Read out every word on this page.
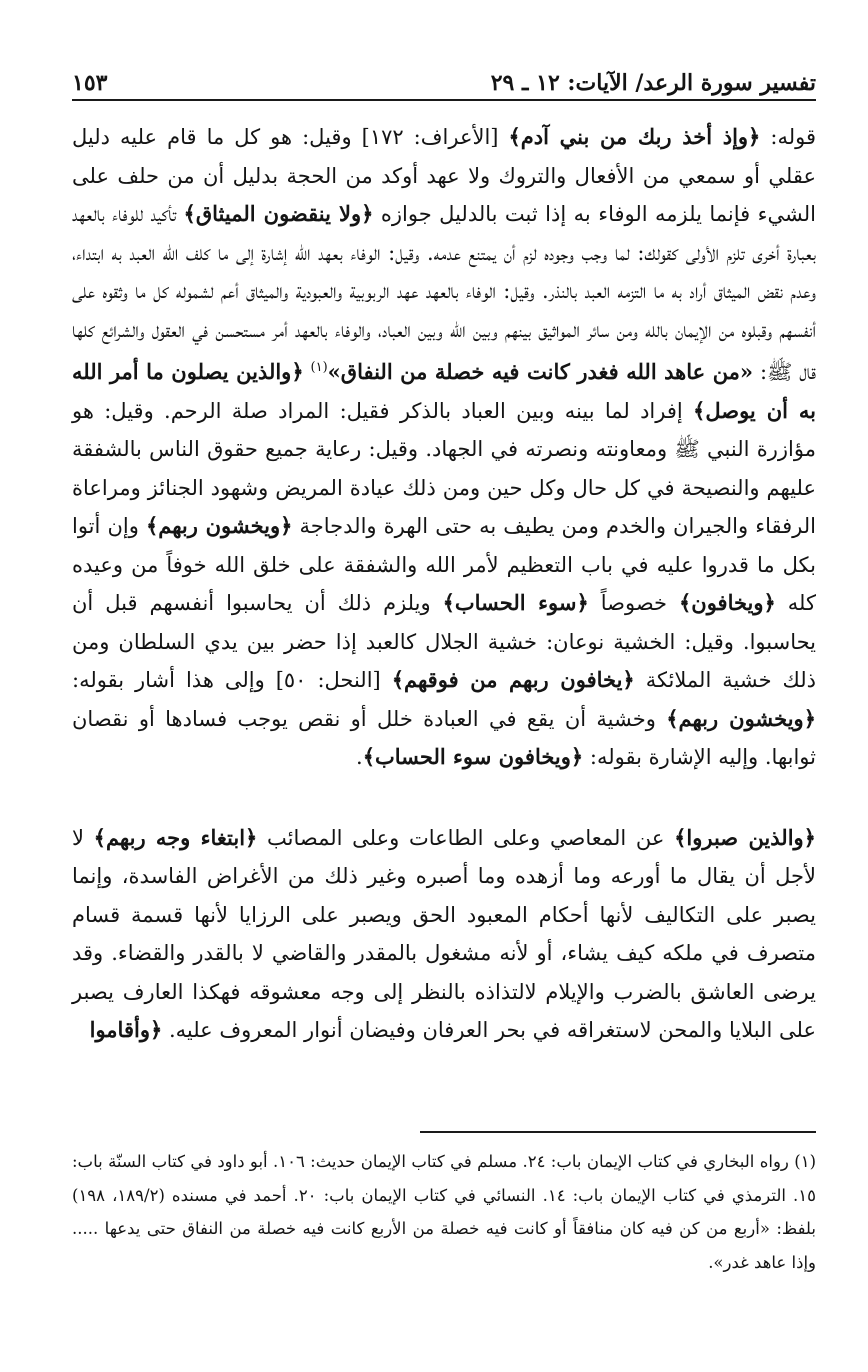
تفسير سورة الرعد/ الآيات: ١٢ ـ ٢٩
١٥٣

قوله: ﴿وإذ أخذ ربك من بني آدم﴾ [الأعراف: ١٧٢] وقيل: هو كل ما قام عليه دليل عقلي أو سمعي من الأفعال والتروك ولا عهد أوكد من الحجة بدليل أن من حلف على الشيء فإنما يلزمه الوفاء به إذا ثبت بالدليل جوازه ﴿ولا ينقضون الميثاق﴾ تأكيد للوفاء بالعهد بعبارة أخرى تلزم الأولى كقولك: لما وجب وجوده لزم أن يمتنع عدمه. وقيل: الوفاء بعهد الله إشارة إلى ما كلف الله العبد به ابتداء، وعدم نقض الميثاق أراد به ما التزمه العبد بالنذر. وقيل: الوفاء بالعهد عهد الربوبية والعبودية والميثاق أعم لشموله كل ما وثقوه على أنفسهم وقبلوه من الإيمان بالله ومن سائر المواثيق بينهم وبين الله وبين العباد، والوفاء بالعهد أمر مستحسن في العقول والشرائع كلها قال ﷺ: «من عاهد الله فغدر كانت فيه خصلة من النفاق»$^{(١)}$ ﴿والذين يصلون ما أمر الله به أن يوصل﴾ إفراد لما بينه وبين العباد بالذكر فقيل: المراد صلة الرحم. وقيل: هو مؤازرة النبي ﷺ ومعاونته ونصرته في الجهاد. وقيل: رعاية جميع حقوق الناس بالشفقة عليهم والنصيحة في كل حال وكل حين ومن ذلك عيادة المريض وشهود الجنائز ومراعاة الرفقاء والجيران والخدم ومن يطيف به حتى الهرة والدجاجة ﴿ويخشون ربهم﴾ وإن أتوا بكل ما قدروا عليه في باب التعظيم لأمر الله والشفقة على خلق الله خوفاً من وعيده كله ﴿ويخافون﴾ خصوصاً ﴿سوء الحساب﴾ ويلزم ذلك أن يحاسبوا أنفسهم قبل أن يحاسبوا. وقيل: الخشية نوعان: خشية الجلال كالعبد إذا حضر بين يدي السلطان ومن ذلك خشية الملائكة ﴿يخافون ربهم من فوقهم﴾ [النحل: ٥٠] وإلى هذا أشار بقوله: ﴿ويخشون ربهم﴾ وخشية أن يقع في العبادة خلل أو نقص يوجب فسادها أو نقصان ثوابها. وإليه الإشارة بقوله: ﴿ويخافون سوء الحساب﴾.

﴿والذين صبروا﴾ عن المعاصي وعلى الطاعات وعلى المصائب ﴿ابتغاء وجه ربهم﴾ لا لأجل أن يقال ما أورعه وما أزهده وما أصبره وغير ذلك من الأغراض الفاسدة، وإنما يصبر على التكاليف لأنها أحكام المعبود الحق ويصبر على الرزايا لأنها قسمة قسام متصرف في ملكه كيف يشاء، أو لأنه مشغول بالمقدر والقاضي لا بالقدر والقضاء. وقد يرضى العاشق بالضرب والإيلام لالتذاذه بالنظر إلى وجه معشوقه فهكذا العارف يصبر على البلايا والمحن لاستغراقه في بحر العرفان وفيضان أنوار المعروف عليه. ﴿وأقاموا

(١) رواه البخاري في كتاب الإيمان باب: ٢٤. مسلم في كتاب الإيمان حديث: ١٠٦. أبو داود في كتاب السنّة باب: ١٥. الترمذي في كتاب الإيمان باب: ١٤. النسائي في كتاب الإيمان باب: ٢٠. أحمد في مسنده (١٨٩/٢، ١٩٨) بلفظ: «أربع من كن فيه كان منافقاً أو كانت فيه خصلة من الأربع كانت فيه خصلة من النفاق حتى يدعها ..... وإذا عاهد غدر».
